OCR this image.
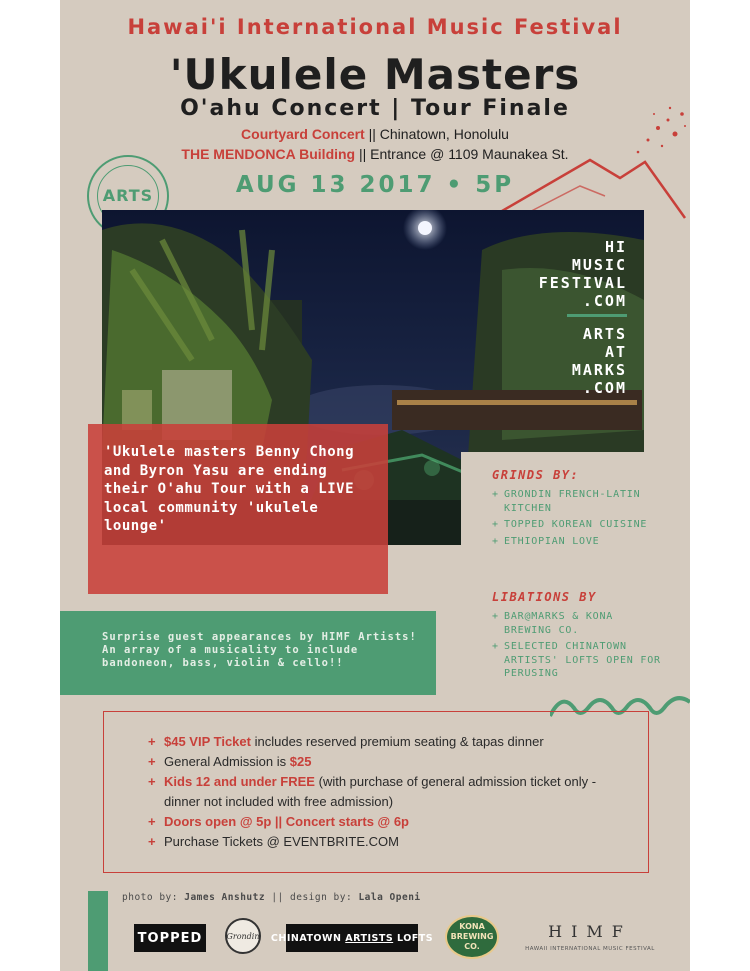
Hawai'i International Music Festival
'Ukulele Masters
O'ahu Concert | Tour Finale
Courtyard Concert || Chinatown, Honolulu
THE MENDONCA Building || Entrance @ 1109 Maunakea St.
AUG 13 2017 • 5P
ARTS
HI
MUSIC
FESTIVAL
.COM
ARTS
AT
MARKS
.COM
'Ukulele masters Benny Chong and Byron Yasu are ending their O'ahu Tour with a LIVE local community 'ukulele lounge'
GRINDS BY:
+ GRONDIN FRENCH-LATIN KITCHEN
+ TOPPED KOREAN CUISINE
+ ETHIOPIAN LOVE
LIBATIONS BY
+ BAR@MARKS & KONA BREWING CO.
+ SELECTED CHINATOWN ARTISTS' LOFTS OPEN FOR PERUSING
Surprise guest appearances by HIMF Artists! An array of a musicality to include bandoneon, bass, violin & cello!!
+ $45 VIP Ticket includes reserved premium seating & tapas dinner
+ General Admission is $25
+ Kids 12 and under FREE (with purchase of general admission ticket only -
dinner not included with free admission)
+ Doors open @ 5p || Concert starts @ 6p
+ Purchase Tickets @ EVENTBRITE.COM
photo by: James Anshutz || design by: Lala Openi
TOPPED	Grondin CHINATOWN
ARTISTS
LOFTS
KONA
BREWING CO.
HIMF
HAWAII INTERNATIONAL MUSIC FESTIVAL
